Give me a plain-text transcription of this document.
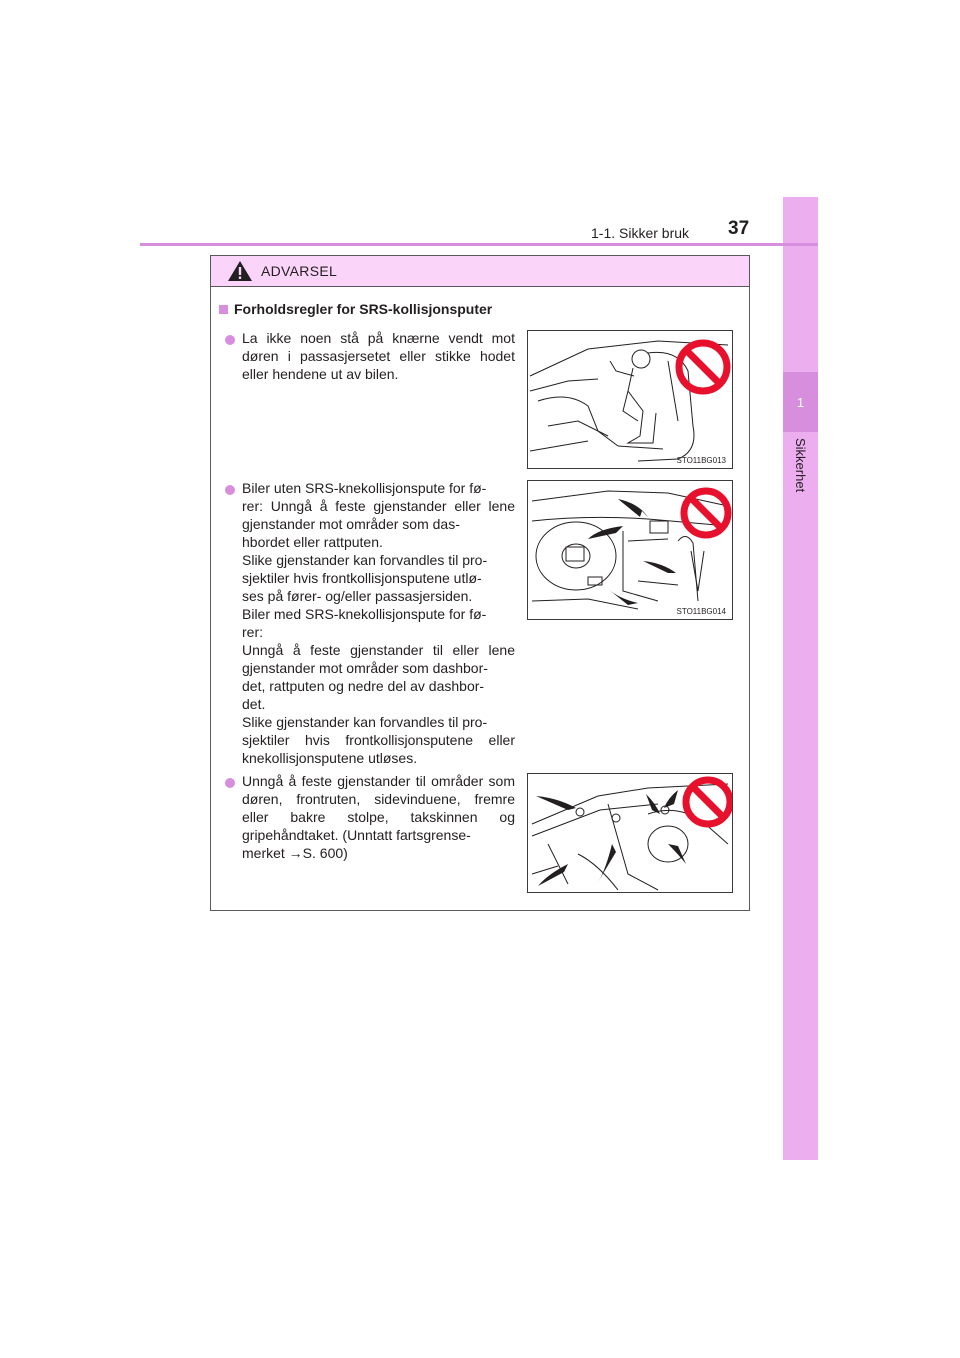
1
Sikkerhet
1-1. Sikker bruk 37
ADVARSEL
Forholdsregler for SRS-kollisjonsputer
La ikke noen stå på knærne vendt mot døren i passasjersetet eller stikke hodet eller hendene ut av bilen.
STO11BG013
Biler uten SRS-knekollisjonspute for fø-
rer: Unngå å feste gjenstander eller lene gjenstander mot områder som das-
hbordet eller rattputen.
Slike gjenstander kan forvandles til pro-
sjektiler hvis frontkollisjonsputene utlø-
ses på fører- og/eller passasjersiden.
Biler med SRS-knekollisjonspute for fø-
rer:
Unngå å feste gjenstander til eller lene gjenstander mot områder som dashbor-
det, rattputen og nedre del av dashbor-
det.
Slike gjenstander kan forvandles til pro-
sjektiler hvis frontkollisjonsputene eller knekollisjonsputene utløses.
STO11BG014
Unngå å feste gjenstander til områder som døren, frontruten, sidevinduene, fremre eller bakre stolpe, takskinnen og gripehåndtaket. (Unntatt fartsgrense-
merket →S. 600)
